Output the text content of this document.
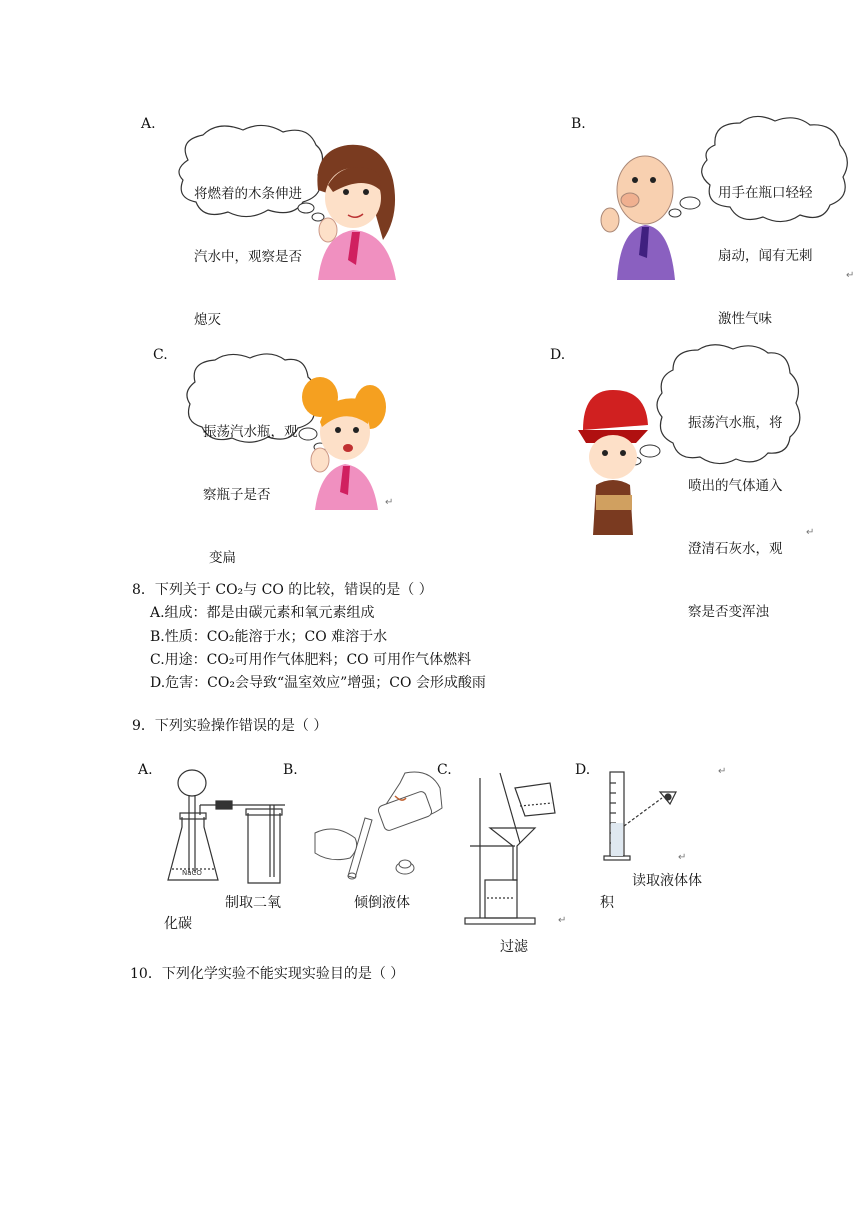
A.

将燃着的木条伸进

汽水中，观察是否

熄灭

B.

用手在瓶口轻轻

扇动，闻有无刺

激性气味

↵
C.

振荡汽水瓶，观

察瓶子是否

变扁

↵
D.

振荡汽水瓶，将

喷出的气体通入

澄清石灰水，观

察是否变浑浊

↵
8．下列关于 CO₂与 CO 的比较，错误的是（ ）
A.组成：都是由碳元素和氧元素组成
B.性质：CO₂能溶于水；CO 难溶于水
C.用途：CO₂可用作气体肥料；CO 可用作气体燃料
D.危害：CO₂会导致“温室效应”增强；CO 会形成酸雨
9．下列实验操作错误的是（ ）
A.
NaCO
制取二氧
化碳
B.
倾倒液体
C.
↵
过滤
D.	↵
↵
读取液体体
积
10．下列化学实验不能实现实验目的是（ ）
